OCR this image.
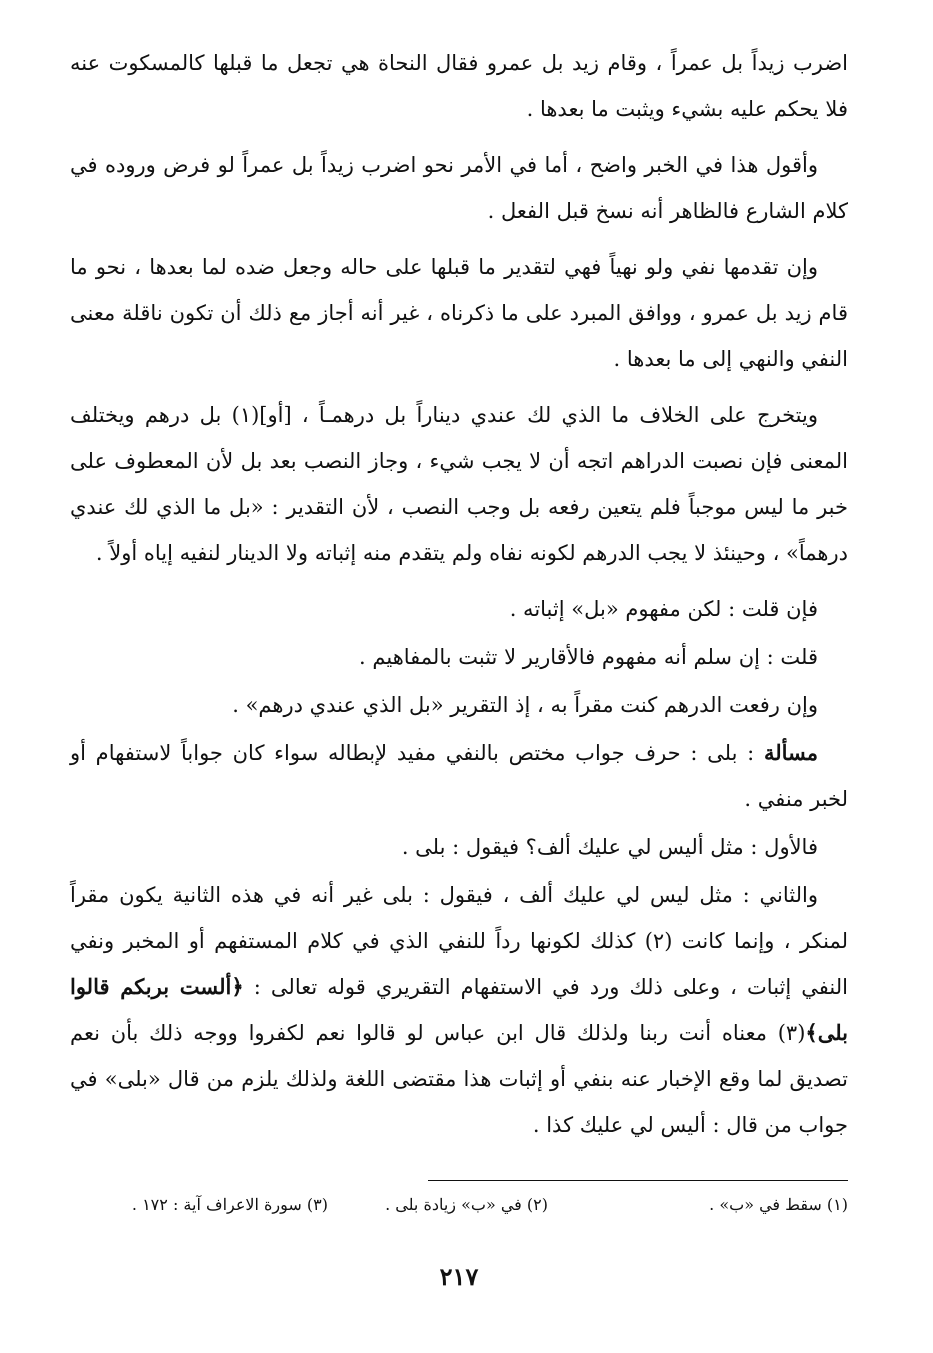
اضرب زيداً بل عمراً ، وقام زيد بل عمرو فقال النحاة هي تجعل ما قبلها كالمسكوت عنه فلا يحكم عليه بشيء ويثبت ما بعدها .

وأقول هذا في الخبر واضح ، أما في الأمر نحو اضرب زيداً بل عمراً لو فرض وروده في كلام الشارع فالظاهر أنه نسخ قبل الفعل .

وإن تقدمها نفي ولو نهياً فهي لتقدير ما قبلها على حاله وجعل ضده لما بعدها ، نحو ما قام زيد بل عمرو ، ووافق المبرد على ما ذكرناه ، غير أنه أجاز مع ذلك أن تكون ناقلة معنى النفي والنهي إلى ما بعدها .

ويتخرج على الخلاف ما الذي لك عندي ديناراً بل درهمـاً ، [أو](١) بل درهم ويختلف المعنى فإن نصبت الدراهم اتجه أن لا يجب شيء ، وجاز النصب بعد بل لأن المعطوف على خبر ما ليس موجباً فلم يتعين رفعه بل وجب النصب ، لأن التقدير : «بل ما الذي لك عندي درهماً» ، وحينئذ لا يجب الدرهم لكونه نفاه ولم يتقدم منه إثباته ولا الدينار لنفيه إياه أولاً .

فإن قلت : لكن مفهوم «بل» إثباته .

قلت : إن سلم أنه مفهوم فالأقارير لا تثبت بالمفاهيم .

وإن رفعت الدرهم كنت مقراً به ، إذ التقرير «بل الذي عندي درهم» .

مسألة : بلى : حرف جواب مختص بالنفي مفيد لإبطاله سواء كان جواباً لاستفهام أو لخبر منفي .

فالأول : مثل أليس لي عليك ألف؟ فيقول : بلى .

والثاني : مثل ليس لي عليك ألف ، فيقول : بلى غير أنه في هذه الثانية يكون مقراً لمنكر ، وإنما كانت (٢) كذلك لكونها رداً للنفي الذي في كلام المستفهم أو المخبر ونفي النفي إثبات ، وعلى ذلك ورد في الاستفهام التقريري قوله تعالى : ﴿ألست بربكم قالوا بلى﴾(٣) معناه أنت ربنا ولذلك قال ابن عباس لو قالوا نعم لكفروا ووجه ذلك بأن نعم تصديق لما وقع الإخبار عنه بنفي أو إثبات هذا مقتضى اللغة ولذلك يلزم من قال «بلى» في جواب من قال : أليس لي عليك كذا .

(١) سقط في «ب» .
(٢) في «ب» زيادة بلى .
(٣) سورة الاعراف آية : ١٧٢ .
٢١٧
